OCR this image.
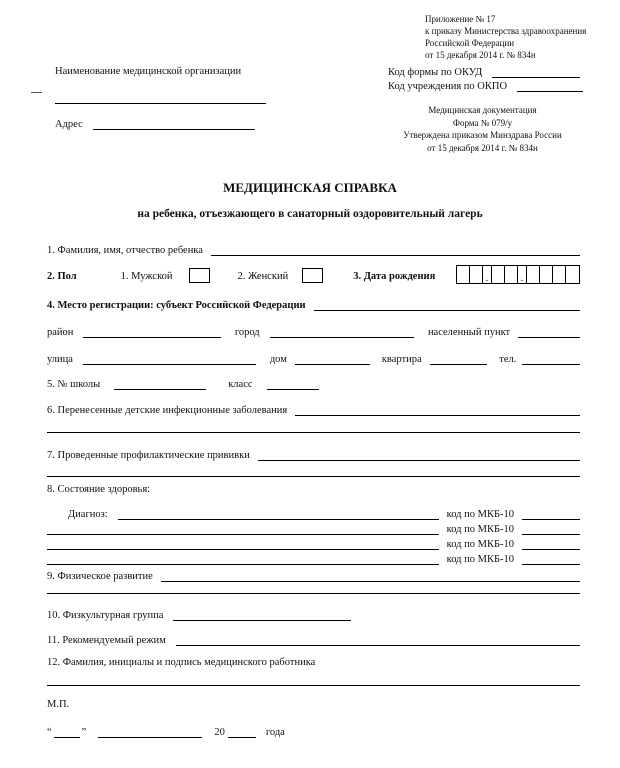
Приложение № 17
к приказу Министерства здравоохранения
Российской Федерации
от 15 декабря 2014 г. № 834н
Наименование медицинской организации	Код формы по ОКУД
Код учреждения по ОКПО
Адрес
Медицинская документация
Форма № 079/у
Утверждена приказом Минздрава России
от 15 декабря 2014 г. № 834н
МЕДИЦИНСКАЯ СПРАВКА
на ребенка, отъезжающего в санаторный оздоровительный лагерь
1. Фамилия, имя, отчество ребенка
2. Пол	1. Мужской	2. Женский	3. Дата рождения	.	.
4. Место регистрации: субъект Российской Федерации
район	город	населенный пункт
улица	дом	квартира	тел.
5. № школы	класс
6. Перенесенные детские инфекционные заболевания
7. Проведенные профилактические прививки
8. Состояние здоровья:
Диагноз:	код по МКБ-10
код по МКБ-10
код по МКБ-10
код по МКБ-10
9. Физическое развитие
10. Физкультурная группа
11. Рекомендуемый режим
12. Фамилия, инициалы и подпись медицинского работника
М.П.
“	”	20	года
